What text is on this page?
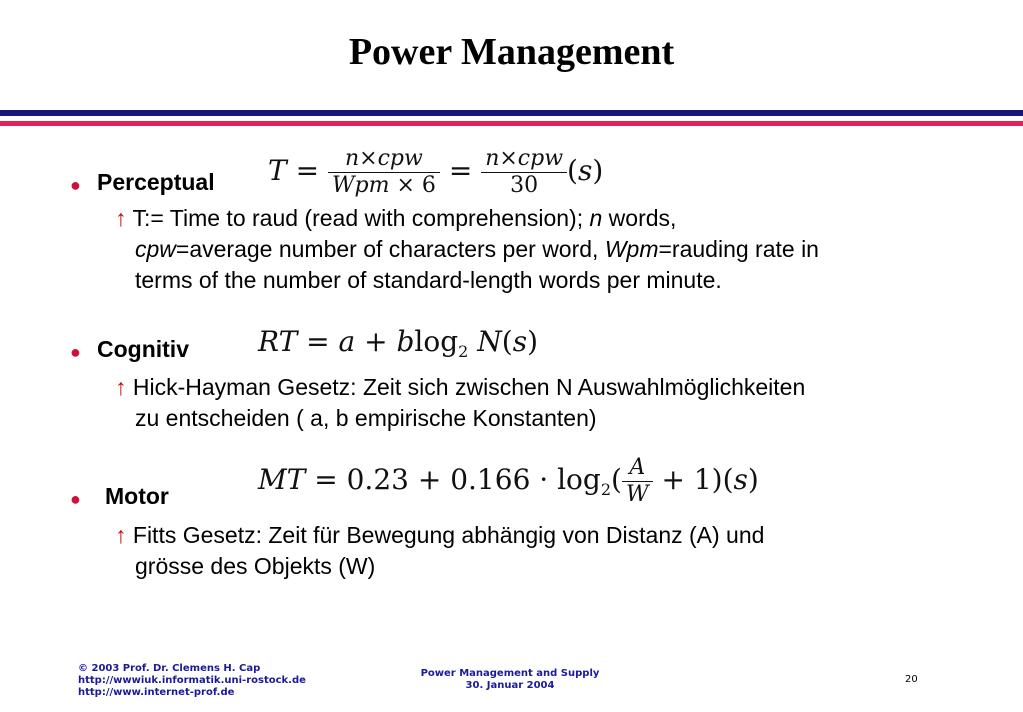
Power Management
● Perceptual $T = \frac{\text{n×cpw}}{\text{Wpm × 6}} = \frac{\text{n×cpw}}{30} (s)$
↑ T:= Time to raud (read with comprehension); n words,
cpw=average number of characters per word, Wpm=rauding rate in
terms of the number of standard-length words per minute.
● Cognitiv RT = a + blog$_2$ N(s)
↑ Hick-Hayman Gesetz: Zeit sich zwischen N Auswahlmöglichkeiten
zu entscheiden ( a, b empirische Konstanten)
● Motor	MT = $0.23 + 0.166 \cdot \log_2( \frac{A}{W} + 1)(s)$
↑ Fitts Gesetz: Zeit für Bewegung abhängig von Distanz (A) und
grösse des Objekts (W)
© 2003 Prof. Dr. Clemens H. Cap
http://wwwiuk.informatik.uni-rostock.de
http://www.internet-prof.de
Power Management and Supply
30. Januar 2004
20
